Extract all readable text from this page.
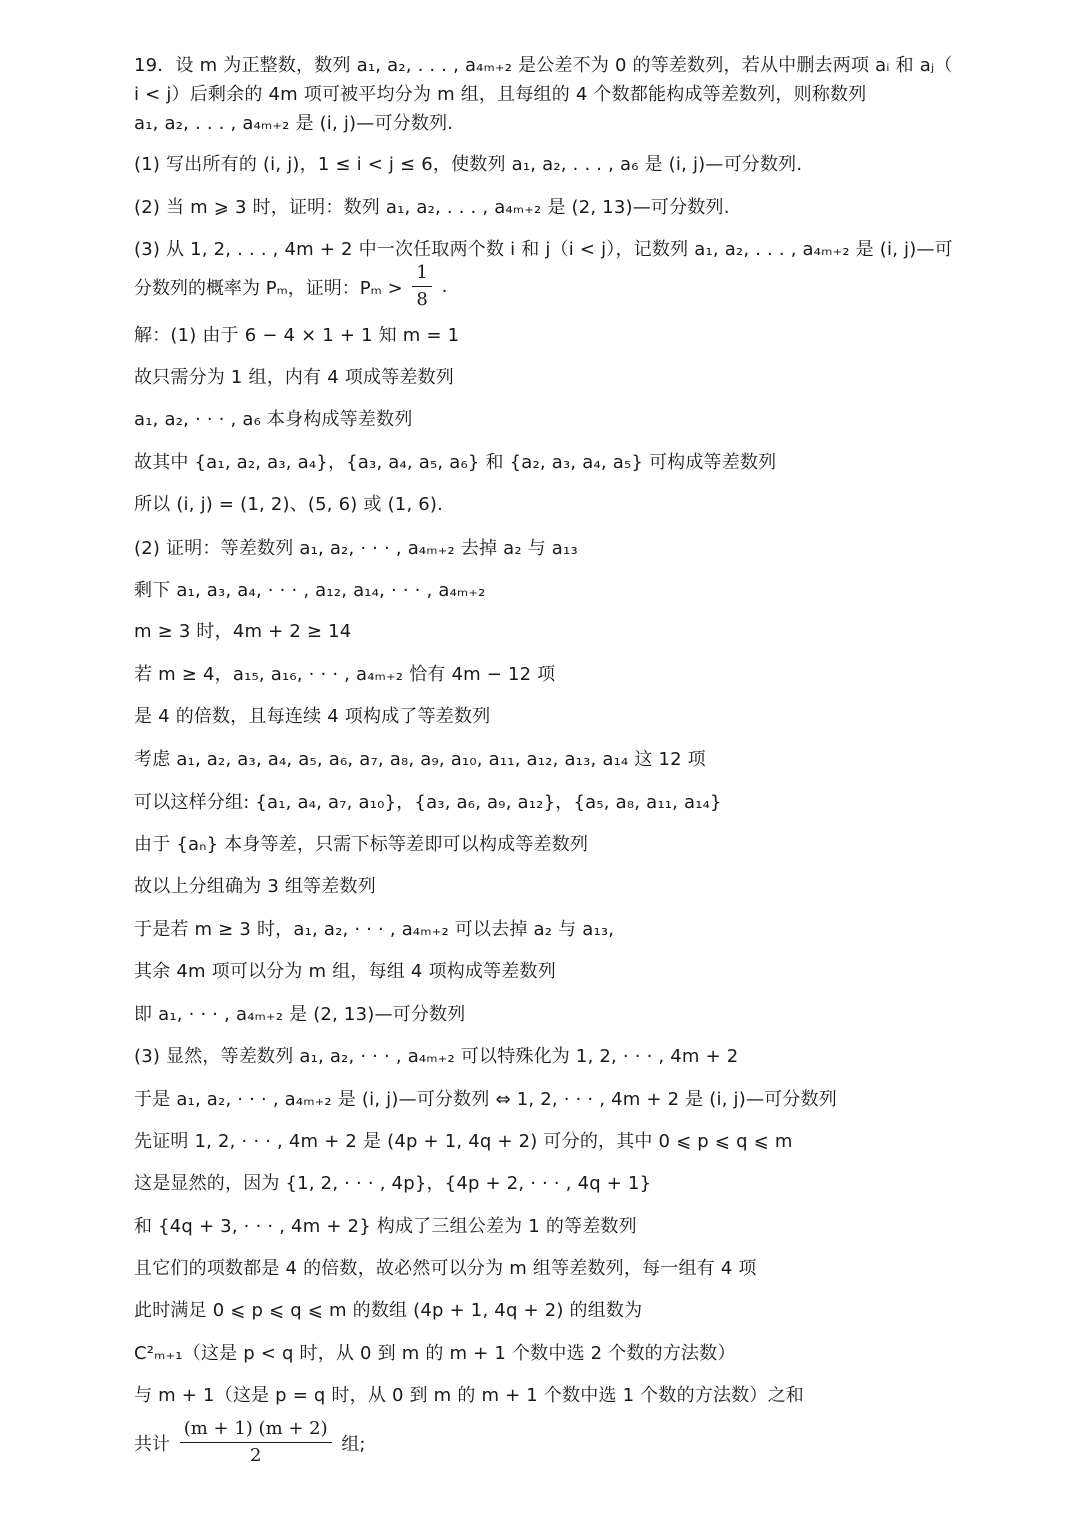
19．设 m 为正整数，数列 a₁, a₂, . . . , a₄ₘ₊₂ 是公差不为 0 的等差数列，若从中删去两项 aᵢ 和 aⱼ（
i < j）后剩余的 4m 项可被平均分为 m 组，且每组的 4 个数都能构成等差数列，则称数列
a₁, a₂, . . . , a₄ₘ₊₂ 是 (i, j)—可分数列.
(1) 写出所有的 (i, j)，1 ≤ i < j ≤ 6，使数列 a₁, a₂, . . . , a₆ 是 (i, j)—可分数列.
(2) 当 m ⩾ 3 时，证明：数列 a₁, a₂, . . . , a₄ₘ₊₂ 是 (2, 13)—可分数列.
(3) 从 1, 2, . . . , 4m + 2 中一次任取两个数 i 和 j（i < j），记数列 a₁, a₂, . . . , a₄ₘ₊₂ 是 (i, j)—可
分数列的概率为 Pₘ，证明：$P_m > \frac{1}{8}$ .
解：(1) 由于 6 − 4 × 1 + 1 知 m = 1
故只需分为 1 组，内有 4 项成等差数列
a₁, a₂, · · · , a₆ 本身构成等差数列
故其中 {a₁, a₂, a₃, a₄}，{a₃, a₄, a₅, a₆} 和 {a₂, a₃, a₄, a₅} 可构成等差数列
所以 (i, j) = (1, 2)、(5, 6) 或 (1, 6).
(2) 证明：等差数列 a₁, a₂, · · · , a₄ₘ₊₂ 去掉 a₂ 与 a₁₃
剩下 a₁, a₃, a₄, · · · , a₁₂, a₁₄, · · · , a₄ₘ₊₂
m ≥ 3 时，4m + 2 ≥ 14
若 m ≥ 4，a₁₅, a₁₆, · · · , a₄ₘ₊₂ 恰有 4m − 12 项
是 4 的倍数，且每连续 4 项构成了等差数列
考虑 a₁, a₂, a₃, a₄, a₅, a₆, a₇, a₈, a₉, a₁₀, a₁₁, a₁₂, a₁₃, a₁₄ 这 12 项
可以这样分组: {a₁, a₄, a₇, a₁₀}，{a₃, a₆, a₉, a₁₂}，{a₅, a₈, a₁₁, a₁₄}
由于 {aₙ} 本身等差，只需下标等差即可以构成等差数列
故以上分组确为 3 组等差数列
于是若 m ≥ 3 时，a₁, a₂, · · · , a₄ₘ₊₂ 可以去掉 a₂ 与 a₁₃,
其余 4m 项可以分为 m 组，每组 4 项构成等差数列
即 a₁, · · · , a₄ₘ₊₂ 是 (2, 13)—可分数列
(3) 显然，等差数列 a₁, a₂, · · · , a₄ₘ₊₂ 可以特殊化为 1, 2, · · · , 4m + 2
于是 a₁, a₂, · · · , a₄ₘ₊₂ 是 (i, j)—可分数列 ⇔ 1, 2, · · · , 4m + 2 是 (i, j)—可分数列
先证明 1, 2, · · · , 4m + 2 是 (4p + 1, 4q + 2) 可分的，其中 0 ⩽ p ⩽ q ⩽ m
这是显然的，因为 {1, 2, · · · , 4p}，{4p + 2, · · · , 4q + 1}
和 {4q + 3, · · · , 4m + 2} 构成了三组公差为 1 的等差数列
且它们的项数都是 4 的倍数，故必然可以分为 m 组等差数列，每一组有 4 项
此时满足 0 ⩽ p ⩽ q ⩽ m 的数组 (4p + 1, 4q + 2) 的组数为
C²ₘ₊₁（这是 p < q 时，从 0 到 m 的 m + 1 个数中选 2 个数的方法数）
与 m + 1（这是 p = q 时，从 0 到 m 的 m + 1 个数中选 1 个数的方法数）之和
共计 $\frac{(m + 1) (m + 2)}{2}$ 组;
